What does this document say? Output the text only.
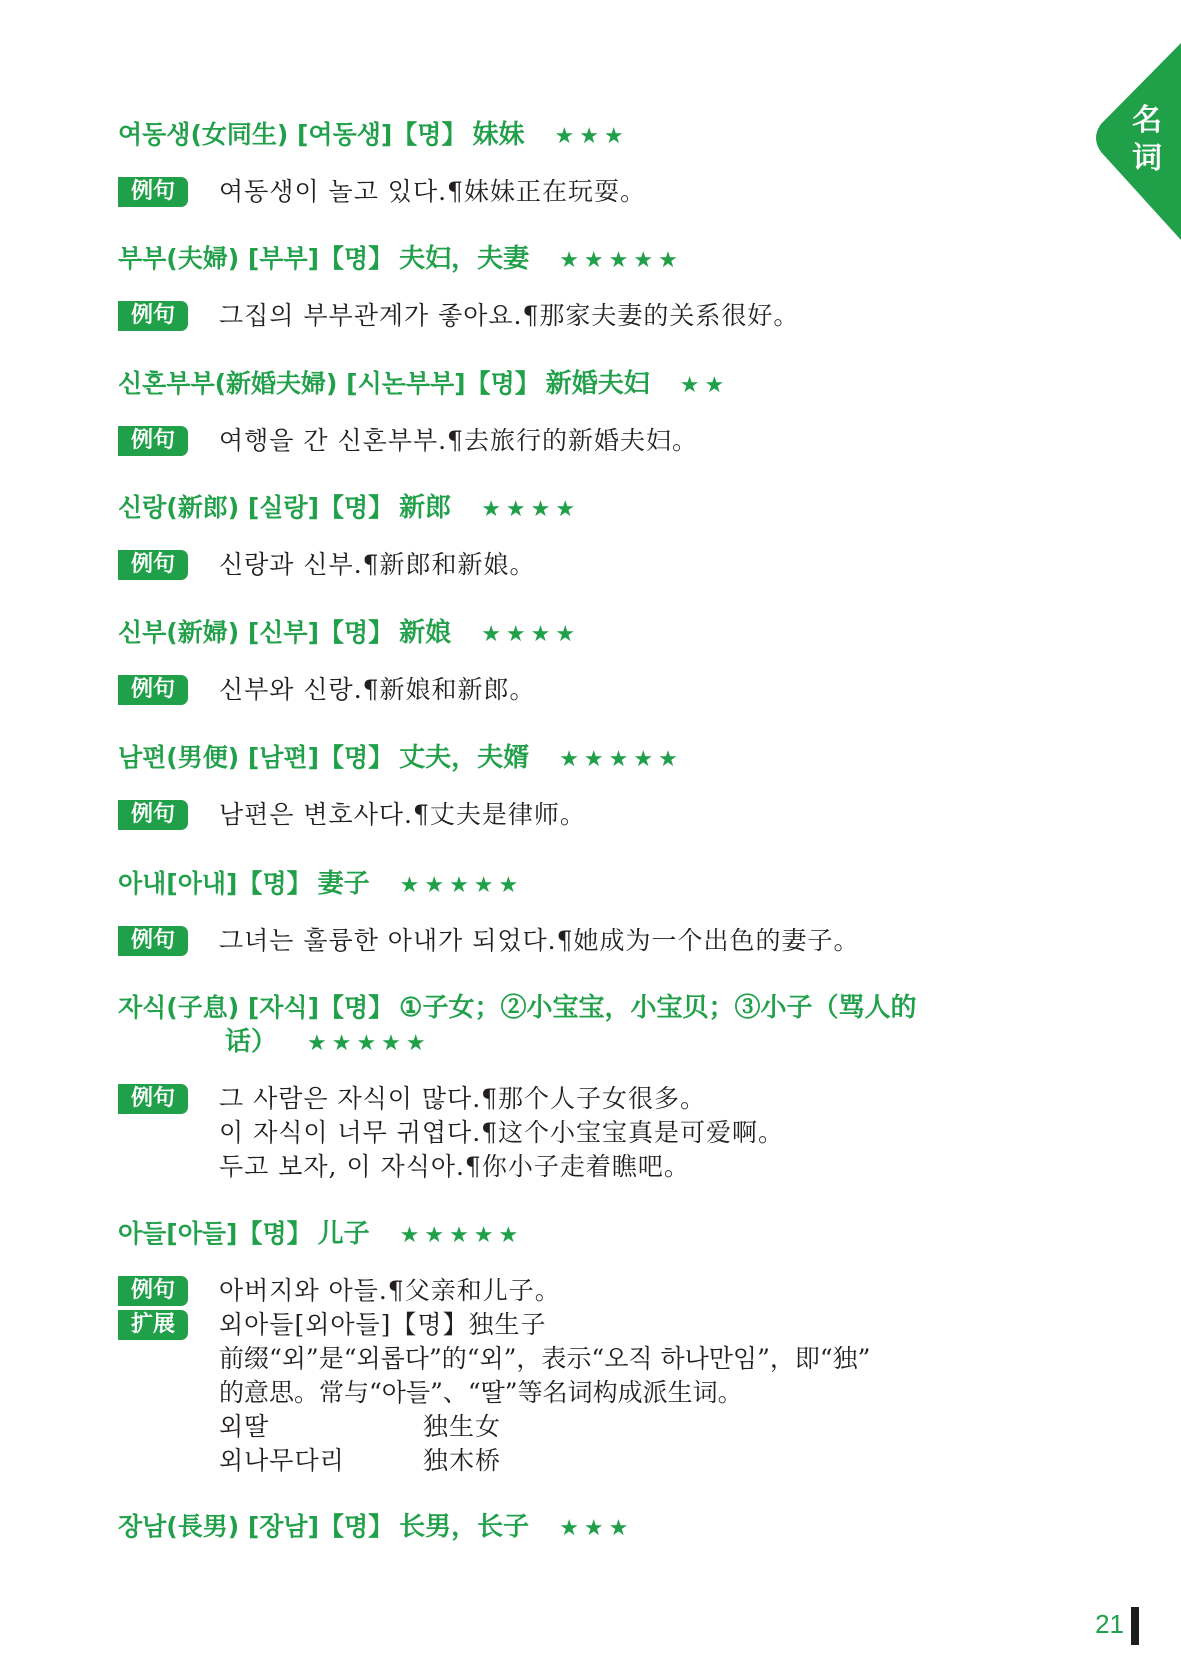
名
词
여동생(女同生) [여동생]【명】 妹妹 ★★★
例句	여동생이 놀고 있다.¶妹妹正在玩耍。
부부(夫婦) [부부]【명】 夫妇，夫妻 ★★★★★
例句	그집의 부부관계가 좋아요.¶那家夫妻的关系很好。
신혼부부(新婚夫婦) [시논부부]【명】 新婚夫妇 ★★
例句	여행을 간 신혼부부.¶去旅行的新婚夫妇。
신랑(新郎) [실랑]【명】 新郎 ★★★★
例句	신랑과 신부.¶新郎和新娘。
신부(新婦) [신부]【명】 新娘 ★★★★
例句	신부와 신랑.¶新娘和新郎。
남편(男便) [남편]【명】 丈夫，夫婿 ★★★★★
例句	남편은 변호사다.¶丈夫是律师。
아내[아내]【명】 妻子 ★★★★★
例句	그녀는 훌륭한 아내가 되었다.¶她成为一个出色的妻子。
자식(子息) [자식]【명】 ①子女；②小宝宝，小宝贝；③小子（骂人的
话） ★★★★★
例句	그 사람은 자식이 많다.¶那个人子女很多。
이 자식이 너무 귀엽다.¶这个小宝宝真是可爱啊。
두고 보자, 이 자식아.¶你小子走着瞧吧。
아들[아들]【명】 儿子 ★★★★★
例句
扩展
아버지와 아들.¶父亲和儿子。
외아들[외아들]【명】独生子
前缀“외”是“외롭다”的“외”，表示“오직 하나만임”，即“独”
的意思。常与“아들”、“딸”等名词构成派生词。
외딸	独生女
외나무다리	独木桥
장남(長男) [장남]【명】 长男，长子 ★★★
21
